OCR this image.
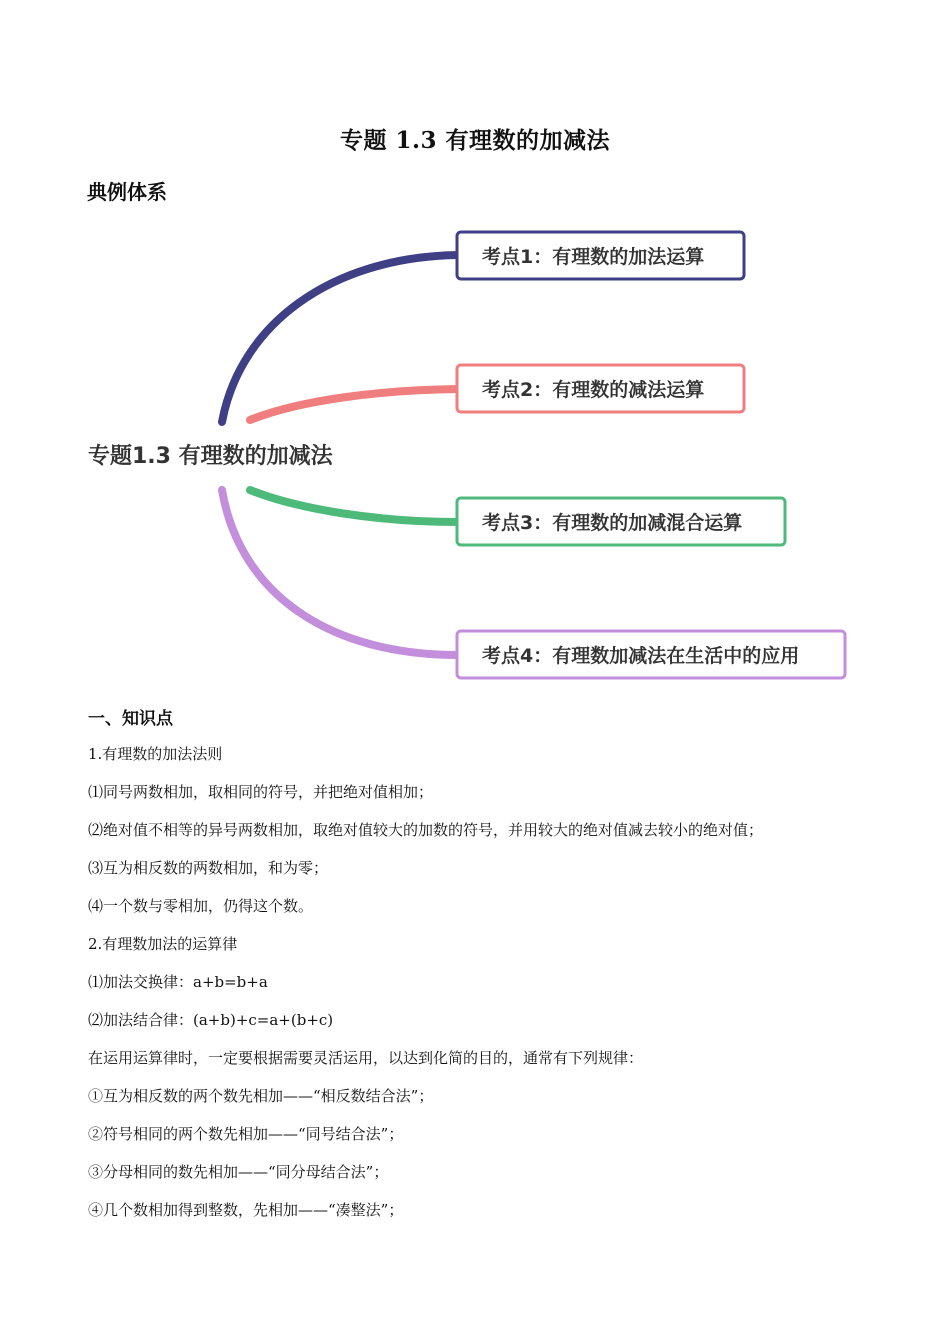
专题 1.3 有理数的加减法
典例体系
专题1.3 有理数的加减法
考点1：有理数的加法运算
考点2：有理数的减法运算
考点3：有理数的加减混合运算
考点4：有理数加减法在生活中的应用
一、知识点
1.有理数的加法法则
⑴同号两数相加，取相同的符号，并把绝对值相加；
⑵绝对值不相等的异号两数相加，取绝对值较大的加数的符号，并用较大的绝对值减去较小的绝对值；
⑶互为相反数的两数相加，和为零；
⑷一个数与零相加，仍得这个数。
2.有理数加法的运算律
⑴加法交换律：a+b=b+a
⑵加法结合律：(a+b)+c=a+(b+c)
在运用运算律时，一定要根据需要灵活运用，以达到化简的目的，通常有下列规律：
①互为相反数的两个数先相加——“相反数结合法”；
②符号相同的两个数先相加——“同号结合法”；
③分母相同的数先相加——“同分母结合法”；
④几个数相加得到整数，先相加——“凑整法”；
